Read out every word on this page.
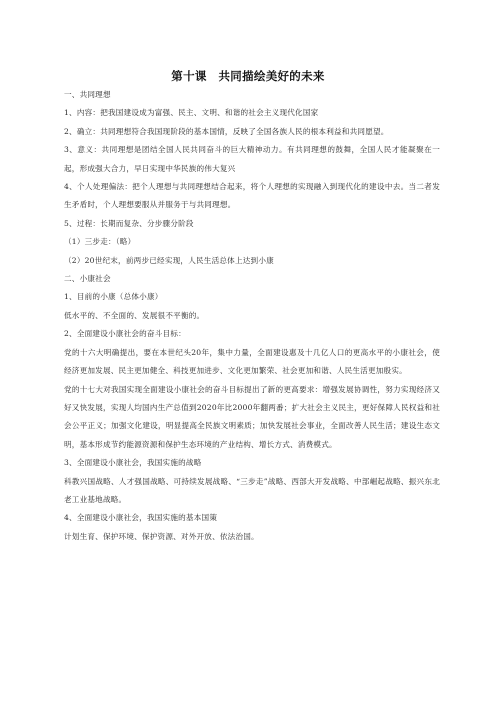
第十课　共同描绘美好的未来

一、共同理想

1、内容：把我国建设成为富强、民主、文明、和谐的社会主义现代化国家

2、确立：共同理想符合我国现阶段的基本国情，反映了全国各族人民的根本利益和共同愿望。

3、意义：共同理想是团结全国人民共同奋斗的巨大精神动力。有共同理想的鼓舞，全国人民才能凝聚在一起，形成强大合力，早日实现中华民族的伟大复兴

4、个人处理偏法：把个人理想与共同理想结合起来，将个人理想的实现融入到现代化的建设中去。当二者发生矛盾时，个人理想要服从并服务于与共同理想。

5、过程：长期而复杂、分步骤分阶段

（1）三步走：（略）

（2）20世纪末，前两步已经实现，人民生活总体上达到小康

二、小康社会

1、目前的小康（总体小康）

低水平的、不全面的、发展很不平衡的。

2、全面建设小康社会的奋斗目标：

党的十六大明确提出，要在本世纪头20年，集中力量，全面建设惠及十几亿人口的更高水平的小康社会，使经济更加发展、民主更加健全、科技更加进步、文化更加繁荣、社会更加和谐、人民生活更加殷实。

党的十七大对我国实现全面建设小康社会的奋斗目标提出了新的更高要求：增强发展协调性，努力实现经济又好又快发展，实现人均国内生产总值到2020年比2000年翻两番；扩大社会主义民主，更好保障人民权益和社会公平正义；加强文化建设，明显提高全民族文明素质；加快发展社会事业，全面改善人民生活；建设生态文明，基本形成节约能源资源和保护生态环境的产业结构、增长方式、消费模式。

3、全面建设小康社会，我国实施的战略

科教兴国战略、人才强国战略、可持续发展战略、“三步走”战略、西部大开发战略、中部崛起战略、振兴东北老工业基地战略。

4、全面建设小康社会，我国实施的基本国策

计划生育、保护环境、保护资源、对外开放、依法治国。
